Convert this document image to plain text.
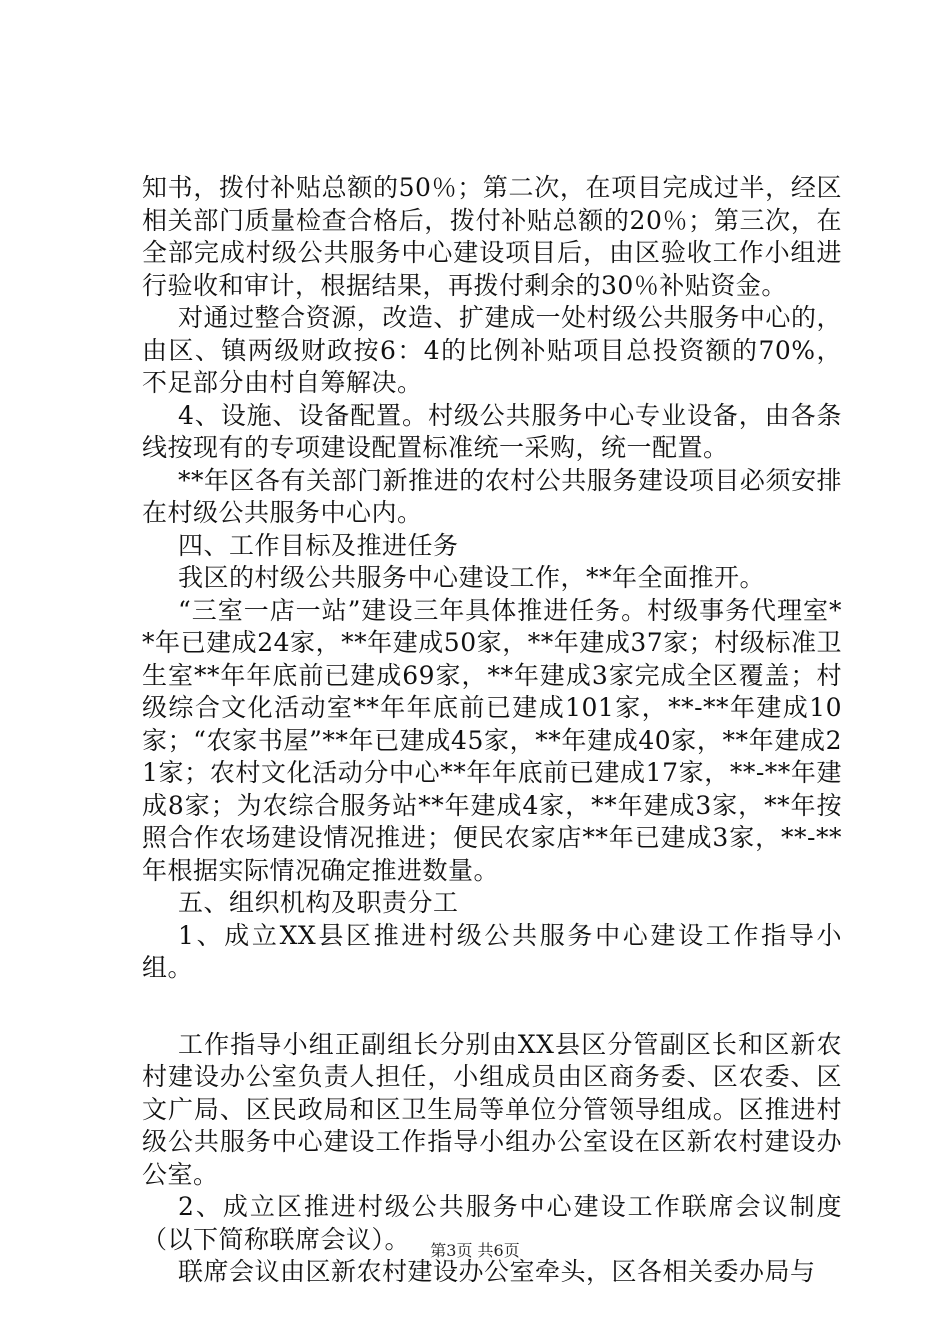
知书，拨付补贴总额的50％；第二次，在项目完成过半，经区相关部门质量检查合格后，拨付补贴总额的20％；第三次，在全部完成村级公共服务中心建设项目后，由区验收工作小组进行验收和审计，根据结果，再拨付剩余的30％补贴资金。

对通过整合资源，改造、扩建成一处村级公共服务中心的，由区、镇两级财政按6：4的比例补贴项目总投资额的70%，不足部分由村自筹解决。

4、设施、设备配置。村级公共服务中心专业设备，由各条线按现有的专项建设配置标准统一采购，统一配置。

**年区各有关部门新推进的农村公共服务建设项目必须安排在村级公共服务中心内。

四、工作目标及推进任务

我区的村级公共服务中心建设工作，**年全面推开。

“三室一店一站”建设三年具体推进任务。村级事务代理室**年已建成24家，**年建成50家，**年建成37家；村级标准卫生室**年年底前已建成69家，**年建成3家完成全区覆盖；村级综合文化活动室**年年底前已建成101家，**-**年建成10家；“农家书屋”**年已建成45家，**年建成40家，**年建成21家；农村文化活动分中心**年年底前已建成17家，**-**年建成8家；为农综合服务站**年建成4家，**年建成3家，**年按照合作农场建设情况推进；便民农家店**年已建成3家，**-**年根据实际情况确定推进数量。

五、组织机构及职责分工

1、成立XX县区推进村级公共服务中心建设工作指导小组。

工作指导小组正副组长分别由XX县区分管副区长和区新农村建设办公室负责人担任，小组成员由区商务委、区农委、区文广局、区民政局和区卫生局等单位分管领导组成。区推进村级公共服务中心建设工作指导小组办公室设在区新农村建设办公室。

2、成立区推进村级公共服务中心建设工作联席会议制度（以下简称联席会议）。

联席会议由区新农村建设办公室牵头，区各相关委办局与

第3页 共6页
